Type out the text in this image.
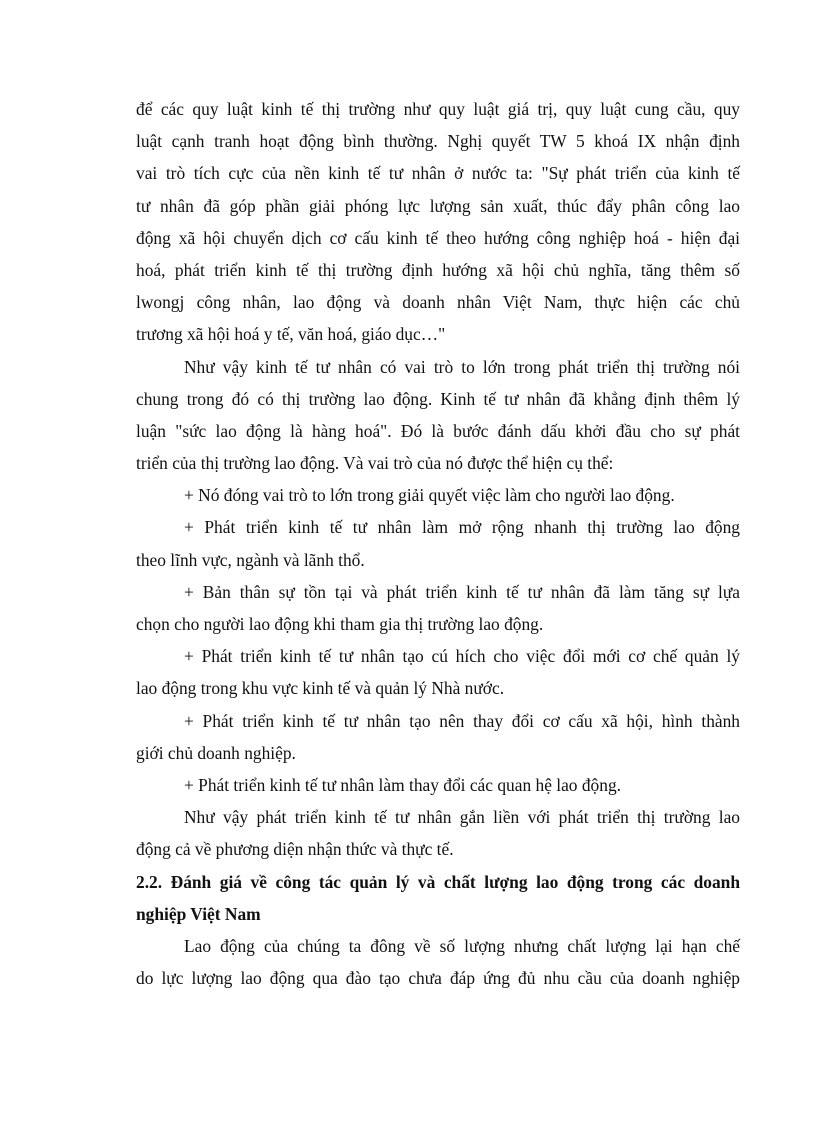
để các quy luật kinh tế thị trường như quy luật giá trị, quy luật cung cầu, quy
luật cạnh tranh hoạt động bình thường. Nghị quyết TW 5 khoá IX nhận định
vai trò tích cực của nền kinh tế tư nhân ở nước ta: "Sự phát triển của kinh tế
tư nhân đã góp phần giải phóng lực lượng sản xuất, thúc đẩy phân công lao
động xã hội chuyển dịch cơ cấu kinh tế theo hướng công nghiệp hoá - hiện đại
hoá, phát triển kinh tế thị trường định hướng xã hội chủ nghĩa, tăng thêm số
lwongj công nhân, lao động và doanh nhân Việt Nam, thực hiện các chủ
trương xã hội hoá y tế, văn hoá, giáo dục…"
Như vậy kinh tế tư nhân có vai trò to lớn trong phát triển thị trường nói
chung trong đó có thị trường lao động. Kinh tế tư nhân đã khẳng định thêm lý
luận "sức lao động là hàng hoá". Đó là bước đánh dấu khởi đầu cho sự phát
triển của thị trường lao động. Và vai trò của nó được thể hiện cụ thể:
+ Nó đóng vai trò to lớn trong giải quyết việc làm cho người lao động.
+ Phát triển kinh tế tư nhân làm mở rộng nhanh thị trường lao động
theo lĩnh vực, ngành và lãnh thổ.
+ Bản thân sự tồn tại và phát triển kinh tế tư nhân đã làm tăng sự lựa
chọn cho người lao động khi tham gia thị trường lao động.
+ Phát triển kinh tế tư nhân tạo cú hích cho việc đổi mới cơ chế quản lý
lao động trong khu vực kinh tế và quản lý Nhà nước.
+ Phát triển kinh tế tư nhân tạo nên thay đổi cơ cấu xã hội, hình thành
giới chủ doanh nghiệp.
+ Phát triển kinh tế tư nhân làm thay đổi các quan hệ lao động.
Như vậy phát triển kinh tế tư nhân gắn liền với phát triển thị trường lao
động cả về phương diện nhận thức và thực tế.
2.2. Đánh giá về công tác quản lý và chất lượng lao động trong các doanh
nghiệp Việt Nam
Lao động của chúng ta đông về số lượng nhưng chất lượng lại hạn chế
do lực lượng lao động qua đào tạo chưa đáp ứng đủ nhu cầu của doanh nghiệp
